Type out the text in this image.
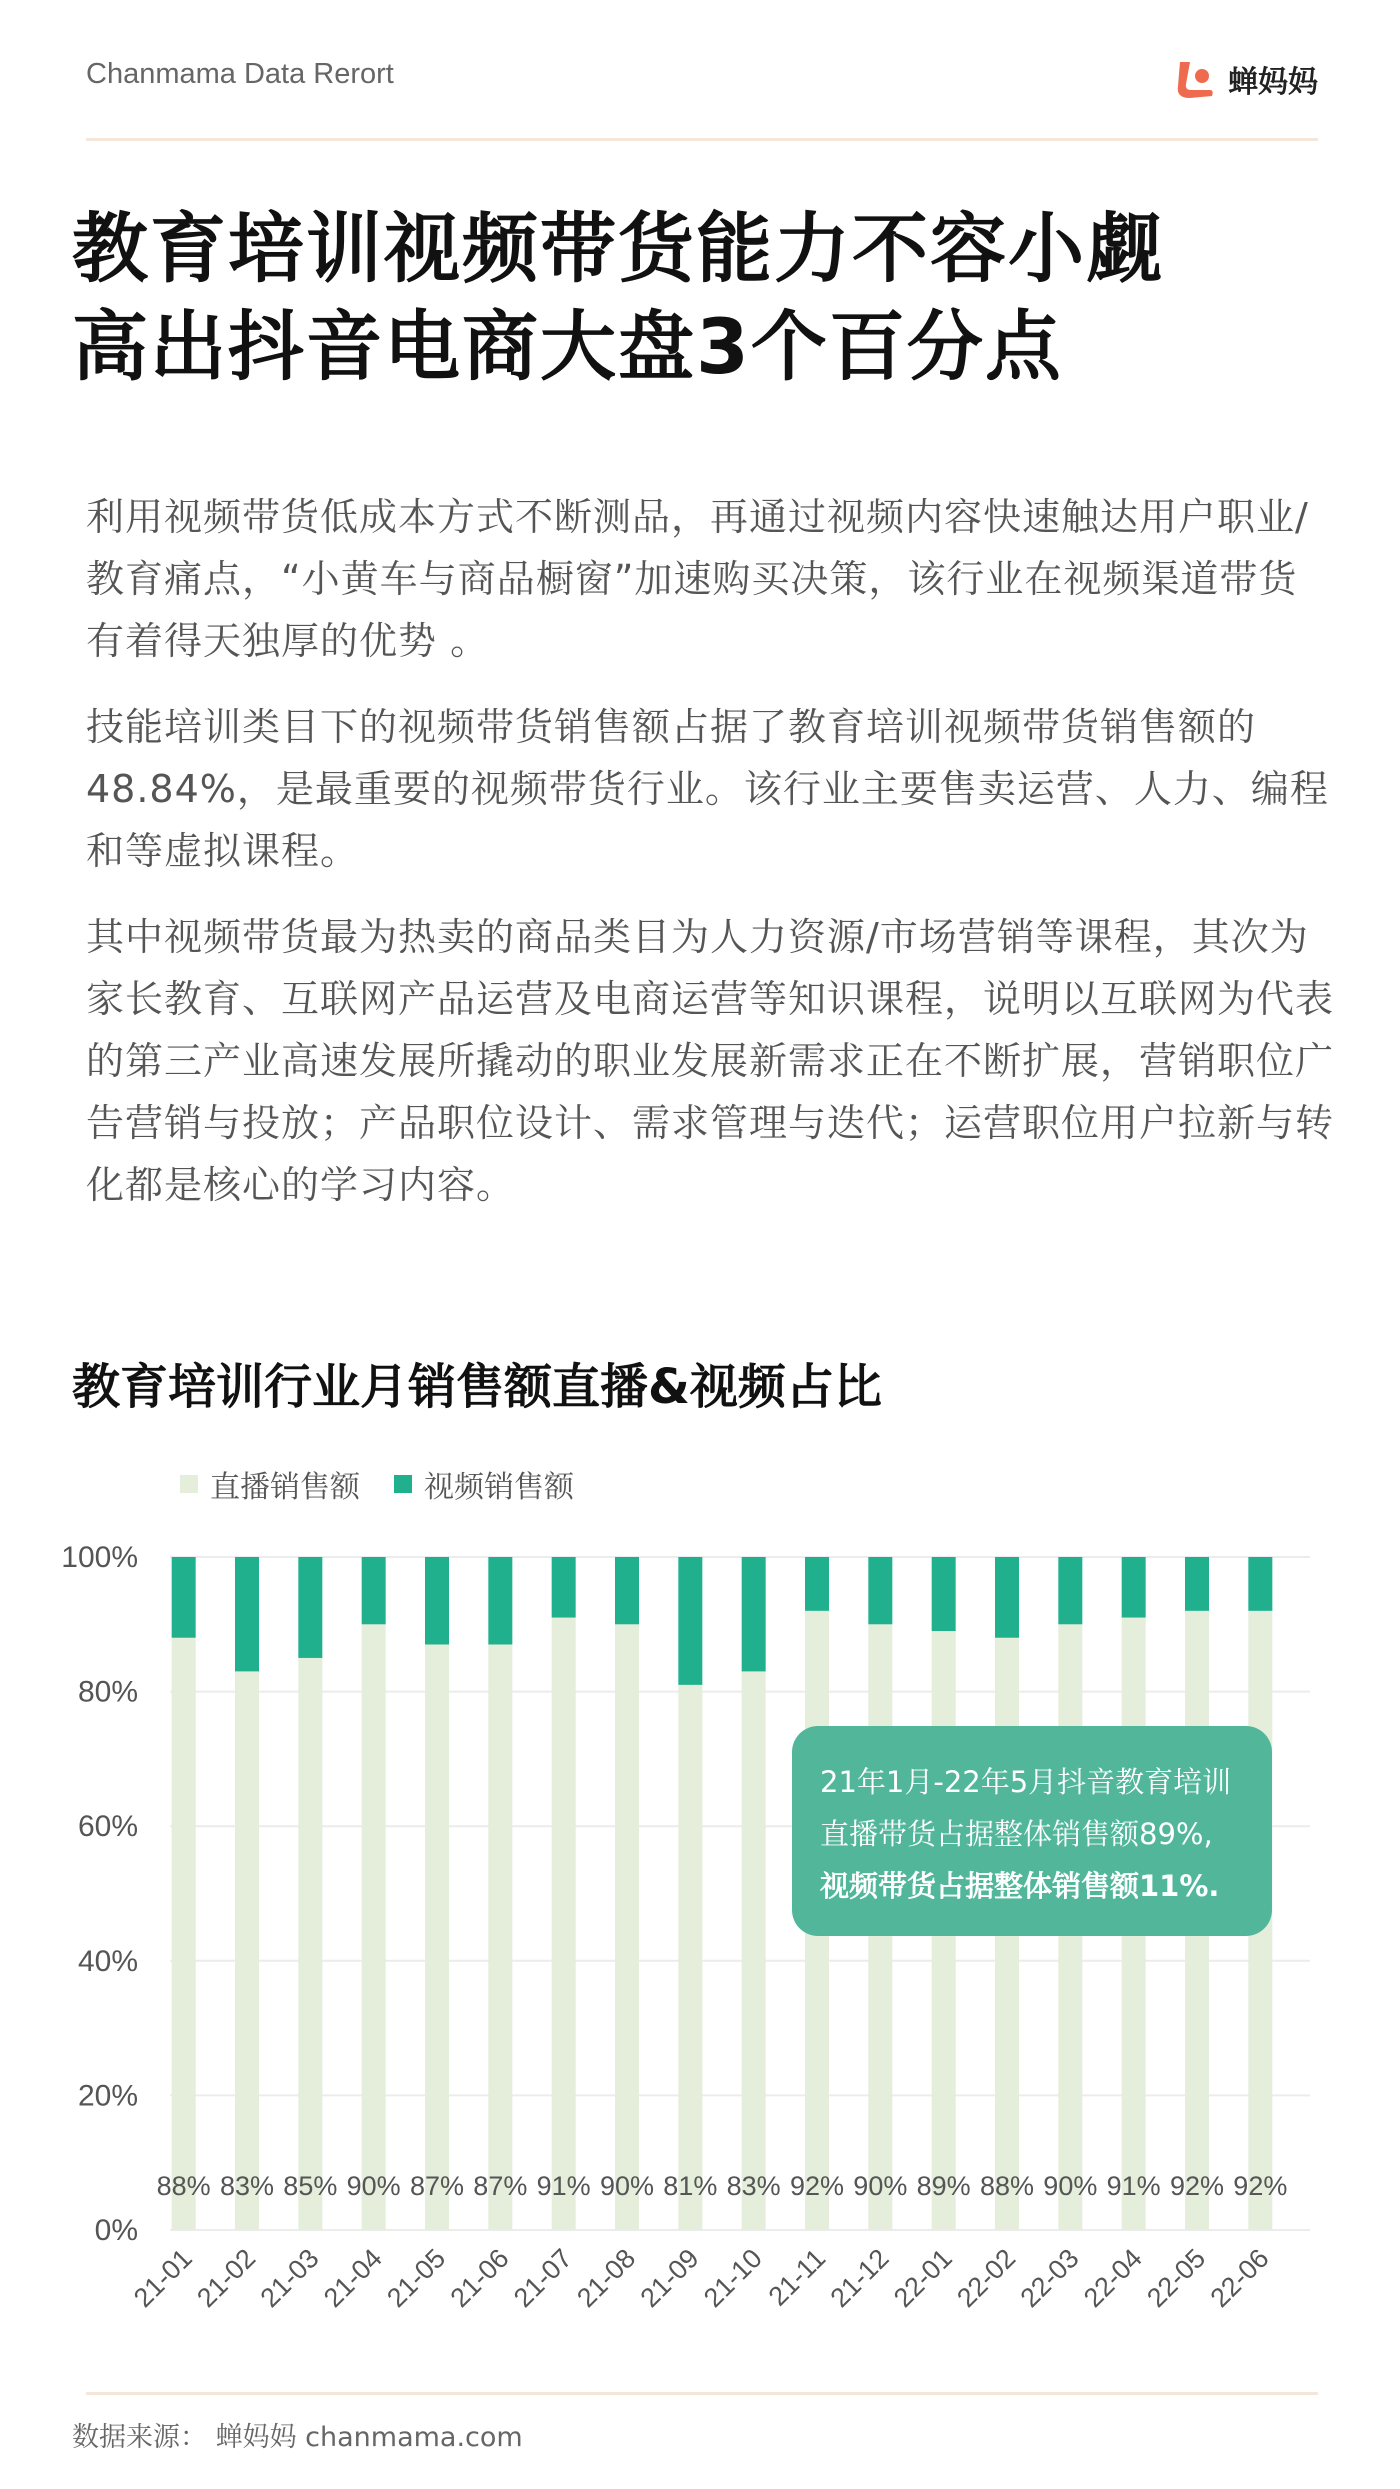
Chanmama Data Rerort	蝉妈妈
教育培训视频带货能力不容小觑
高出抖音电商大盘3个百分点

利用视频带货低成本方式不断测品，再通过视频内容快速触达用户职业/教育痛点，“小黄车与商品橱窗”加速购买决策，该行业在视频渠道带货有着得天独厚的优势 。

技能培训类目下的视频带货销售额占据了教育培训视频带货销售额的48.84%，是最重要的视频带货行业。该行业主要售卖运营、人力、编程和等虚拟课程。

其中视频带货最为热卖的商品类目为人力资源/市场营销等课程，其次为家长教育、互联网产品运营及电商运营等知识课程，说明以互联网为代表的第三产业高速发展所撬动的职业发展新需求正在不断扩展，营销职位广告营销与投放；产品职位设计、需求管理与迭代；运营职位用户拉新与转化都是核心的学习内容。

教育培训行业月销售额直播&视频占比
直播销售额 视频销售额
0%
20%
40%
60%
80%
100%
88%
21-01
83%
21-02
85%
21-03
90%
21-04
87%
21-05
87%
21-06
91%
21-07
90%
21-08
81%
21-09
83%
21-10
92%
21-11
90%
21-12
89%
22-01
88%
22-02
90%
22-03
91%
22-04
92%
22-05
92%
22-06
21年1月-22年5月抖音教育培训
直播带货占据整体销售额89%,
视频带货占据整体销售额11%.
数据来源： 蝉妈妈 chanmama.com
